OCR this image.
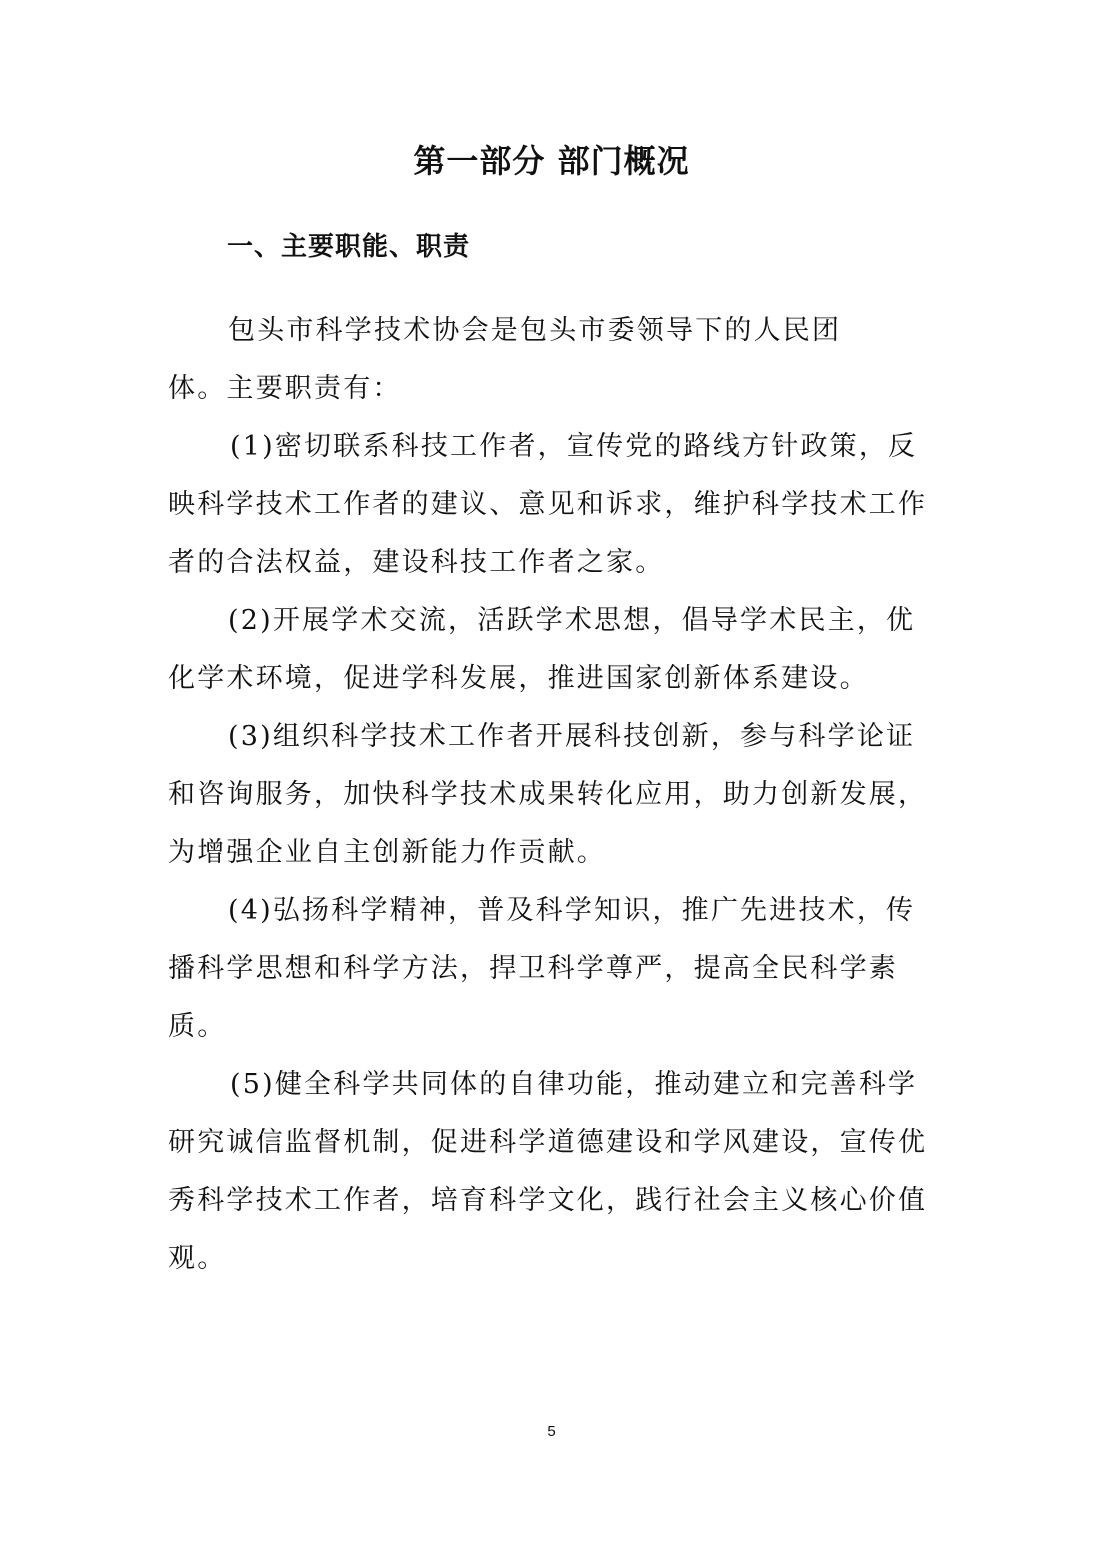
第一部分 部门概况
一、主要职能、职责

包头市科学技术协会是包头市委领导下的人民团体。主要职责有：

(1)密切联系科技工作者，宣传党的路线方针政策，反映科学技术工作者的建议、意见和诉求，维护科学技术工作者的合法权益，建设科技工作者之家。

(2)开展学术交流，活跃学术思想，倡导学术民主，优化学术环境，促进学科发展，推进国家创新体系建设。

(3)组织科学技术工作者开展科技创新，参与科学论证和咨询服务，加快科学技术成果转化应用，助力创新发展，为增强企业自主创新能力作贡献。

(4)弘扬科学精神，普及科学知识，推广先进技术，传播科学思想和科学方法，捍卫科学尊严，提高全民科学素质。

(5)健全科学共同体的自律功能，推动建立和完善科学研究诚信监督机制，促进科学道德建设和学风建设，宣传优秀科学技术工作者，培育科学文化，践行社会主义核心价值观。

5
